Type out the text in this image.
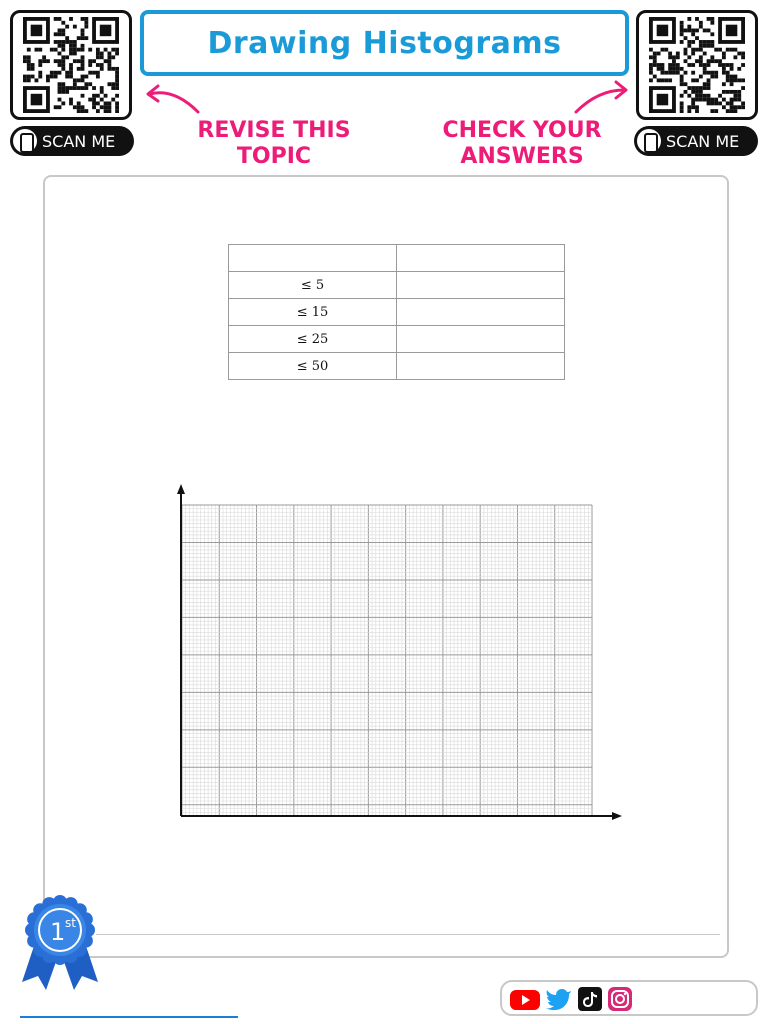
SCAN ME	SCAN ME
Drawing Histograms
REVISE THIS
TOPIC
CHECK YOUR
ANSWERS

≤ 5	
≤ 15	
≤ 25	
≤ 50	
1 st
